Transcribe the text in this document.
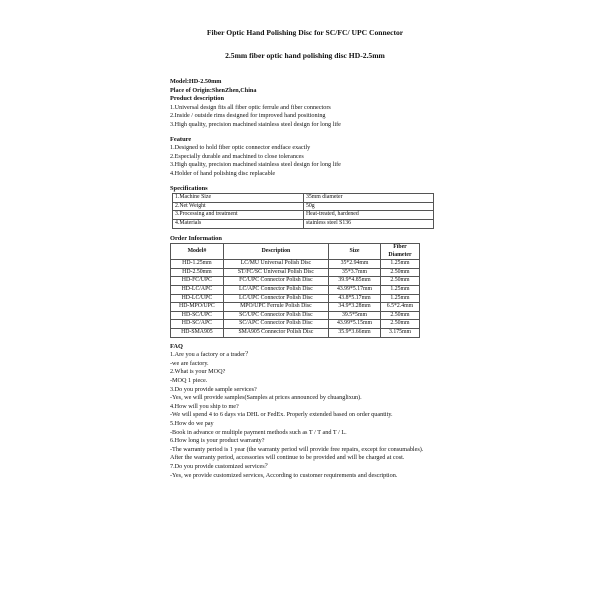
Fiber Optic Hand Polishing Disc for SC/FC/ UPC Connector
2.5mm fiber optic hand polishing disc HD-2.5mm
Model:HD-2.50mm
Place of Origin:ShenZhen,China
Product description
1.Universal design fits all fiber optic ferrule and fiber connectors
2.Inside / outside rims designed for improved hand positioning
3.High quality, precision machined stainless steel design for long life
Feature
1.Designed to hold fiber optic connector endface exactly
2.Especially durable and machined to close tolerances
3.High quality, precision machined stainless steel design for long life
4.Holder of hand polishing disc replacable
Specifications
1.Machine Size	35mm diameter
2.Net Weight	50g
3.Processing and treatment	Heat-treated, hardened
4.Materials	stainless steel S136
Order Information
Model#	Description	Size	Fiber Diameter
HD-1.25mm	LC/MU Universal Polish Disc	35*2.94mm	1.25mm
HD-2.50mm	ST/FC/SC Universal Polish Disc	35*3.7mm	2.50mm
HD-FC/UPC	FC/UPC Connector Polish Disc	39.9*4.85mm	2.50mm
HD-LC/APC	LC/APC Connector Polish Disc	43.99*5.17mm	1.25mm
HD-LC/UPC	LC/UPC Connector Polish Disc	43.8*5.17mm	1.25mm
HD-MPO/UPC	MPO/UPC Ferrule Polish Disc	34.9*3.28mm	6.5*2.4mm
HD-SC/UPC	SC/UPC Connector Polish Disc	39.5*5mm	2.50mm
HD-SC/APC	SC/APC Connector Polish Disc	43.99*5.15mm	2.50mm
HD-SMA905	SMA905 Connector Polish Disc	35.9*3.66mm	3.175mm
FAQ
1.Are you a factory or a trader？
-we are factory.
2.What is your MOQ?
-MOQ 1 piece.
3.Do you provide sample services?
-Yes, we will provide samples(Samples at prices announced by chuanglixun).
4.How will you ship to me?
-We will spend 4 to 6 days via DHL or FedEx. Properly extended based on order quantity.
5.How do we pay
-Book in advance or multiple payment methods such as T / T and T / L.
6.How long is your product warranty?
-The warranty period is 1 year (the warranty period will provide free repairs, except for consumables). After the warranty period, accessories will continue to be provided and will be charged at cost.
7.Do you provide customized services？
-Yes, we provide customized services, According to customer requirements and description.
